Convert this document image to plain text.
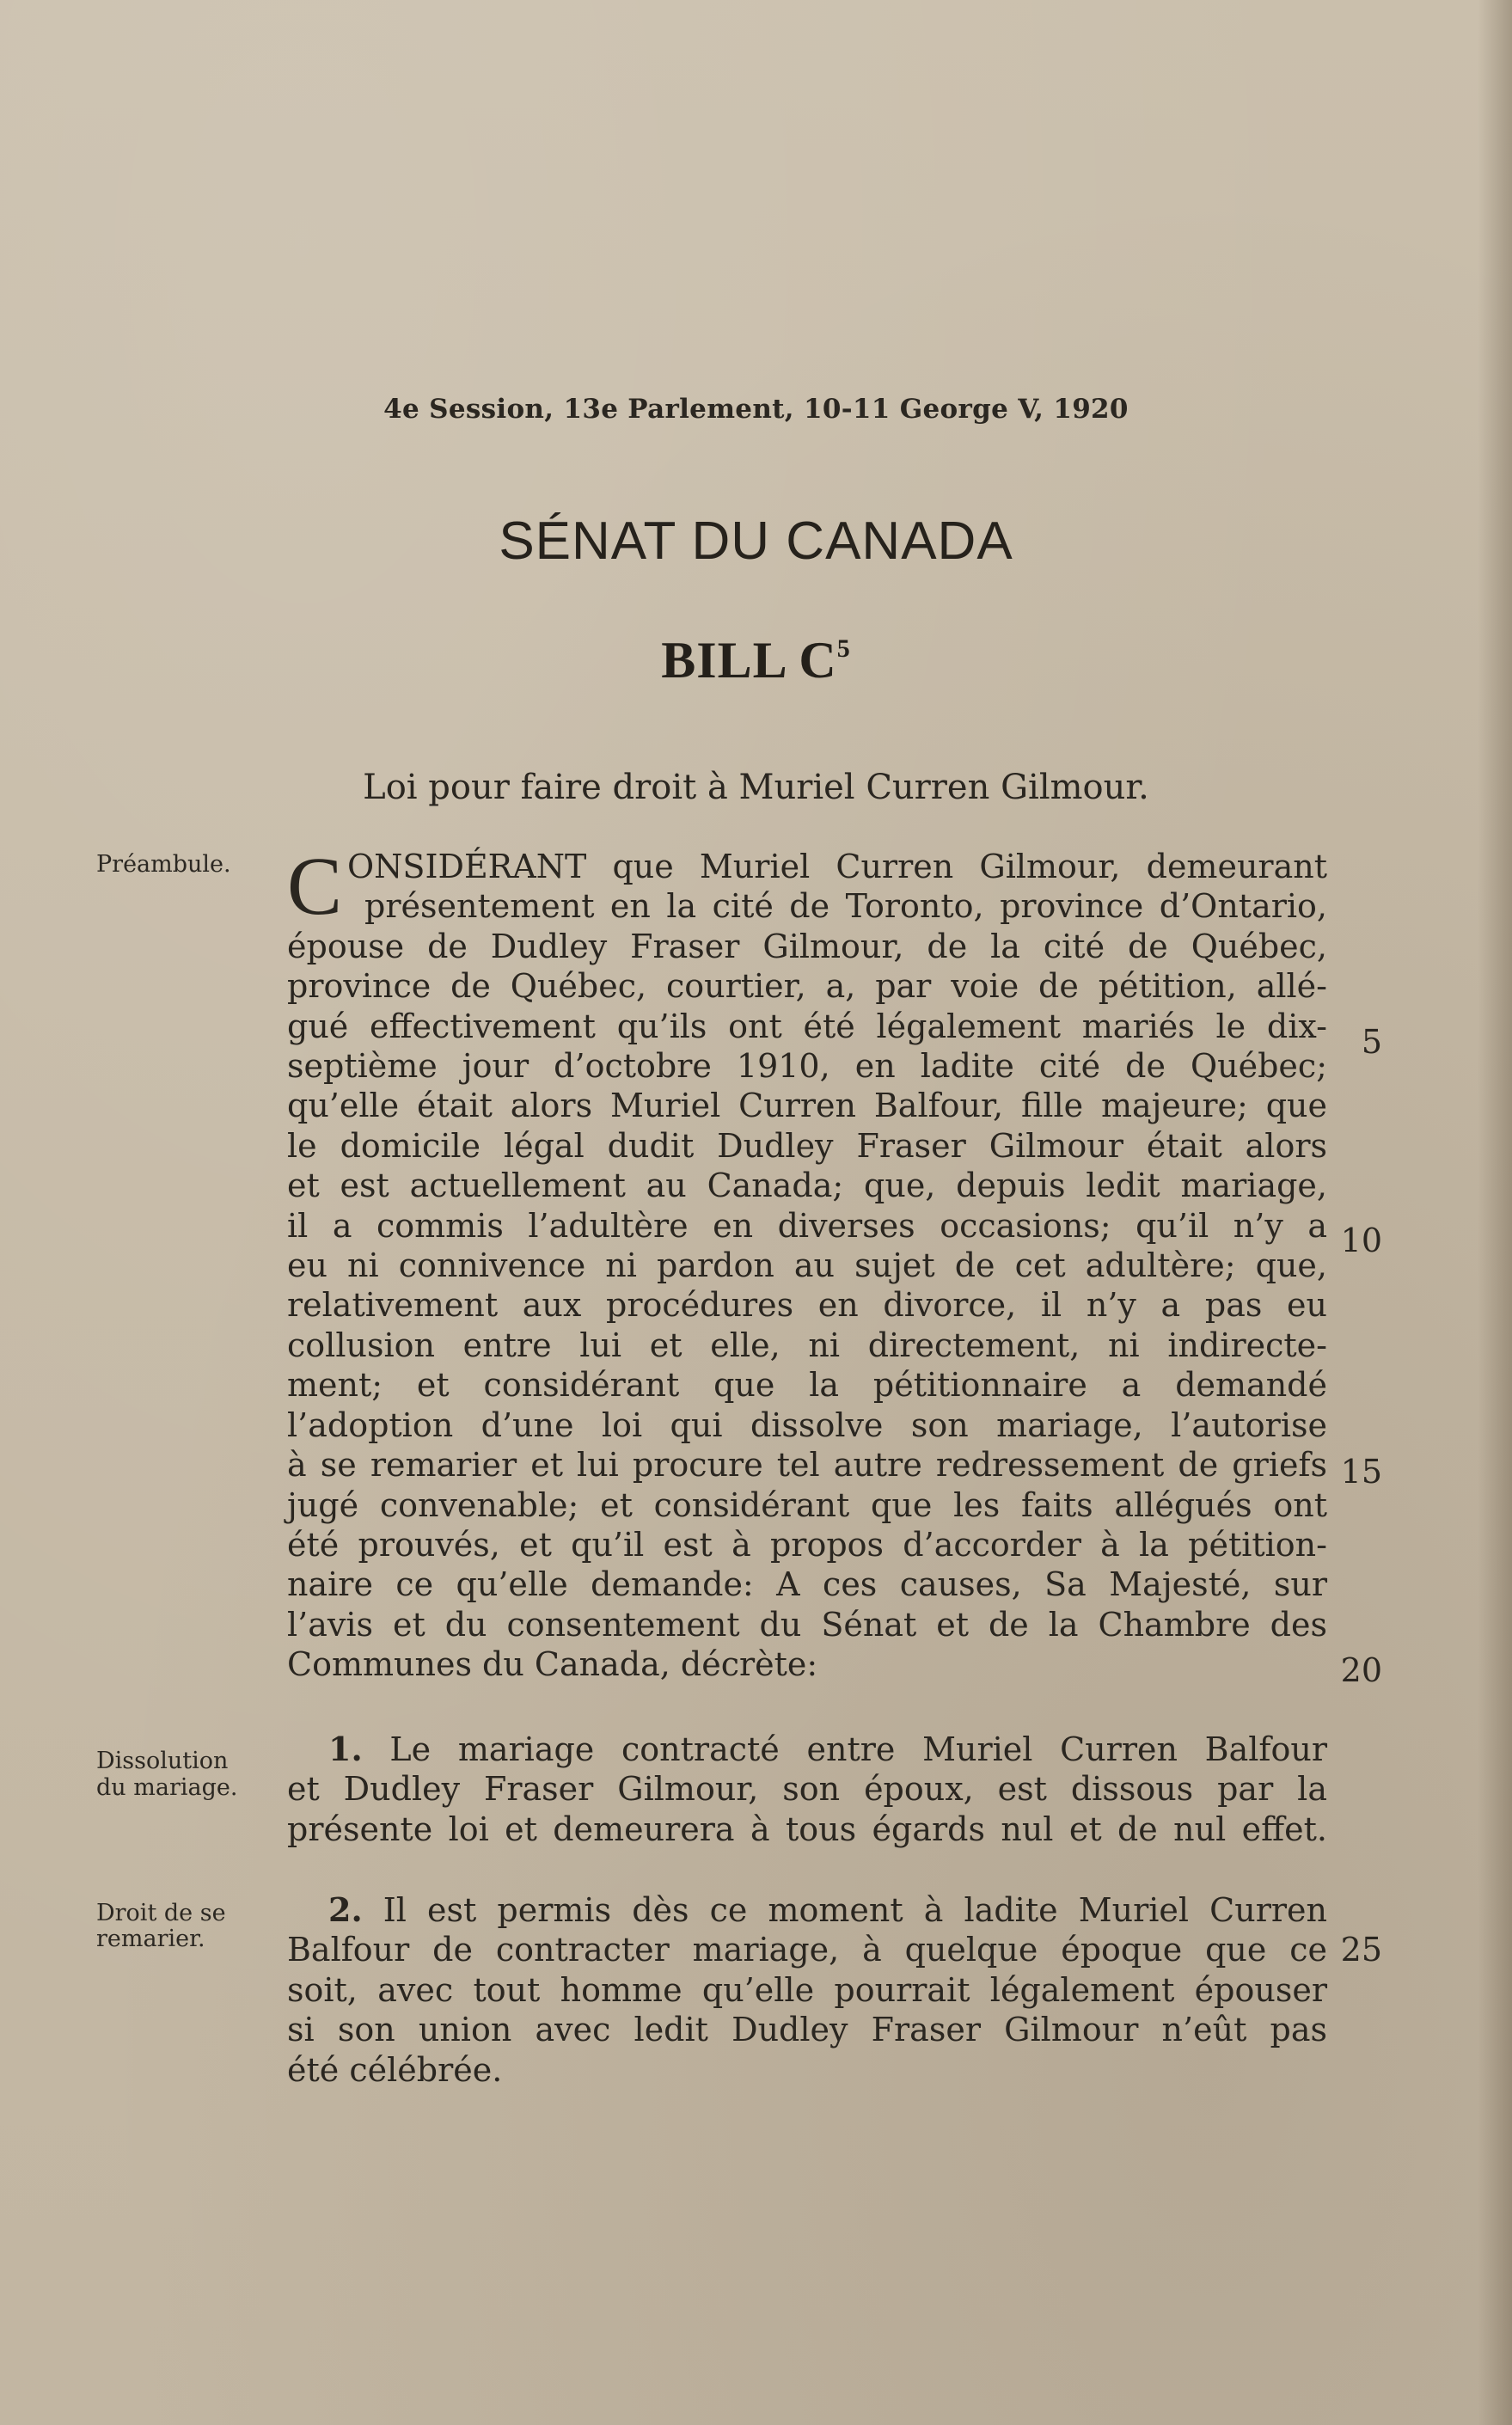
4e Session, 13e Parlement, 10-11 George V, 1920
SÉNAT DU CANADA
BILL $C^5$
Loi pour faire droit à Muriel Curren Gilmour.
Préambule.
Dissolution
du mariage.
Droit de se
remarier.
C ONSIDÉRANT que Muriel Curren Gilmour, demeurant
présentement en la cité de Toronto, province d’Ontario,
épouse de Dudley Fraser Gilmour, de la cité de Québec,
province de Québec, courtier, a, par voie de pétition, allé-
gué effectivement qu’ils ont été légalement mariés le dix-
septième jour d’octobre 1910, en ladite cité de Québec;
qu’elle était alors Muriel Curren Balfour, fille majeure; que
le domicile légal dudit Dudley Fraser Gilmour était alors
et est actuellement au Canada; que, depuis ledit mariage,
il a commis l’adultère en diverses occasions; qu’il n’y a
eu ni connivence ni pardon au sujet de cet adultère; que,
relativement aux procédures en divorce, il n’y a pas eu
collusion entre lui et elle, ni directement, ni indirecte-
ment; et considérant que la pétitionnaire a demandé
l’adoption d’une loi qui dissolve son mariage, l’autorise
à se remarier et lui procure tel autre redressement de griefs
jugé convenable; et considérant que les faits allégués ont
été prouvés, et qu’il est à propos d’accorder à la pétition-
naire ce qu’elle demande: A ces causes, Sa Majesté, sur
l’avis et du consentement du Sénat et de la Chambre des
Communes du Canada, décrète:
1. Le mariage contracté entre Muriel Curren Balfour
et Dudley Fraser Gilmour, son époux, est dissous par la
présente loi et demeurera à tous égards nul et de nul effet.
2. Il est permis dès ce moment à ladite Muriel Curren
Balfour de contracter mariage, à quelque époque que ce
soit, avec tout homme qu’elle pourrait légalement épouser
si son union avec ledit Dudley Fraser Gilmour n’eût pas
été célébrée.
5
10
15
20
25
